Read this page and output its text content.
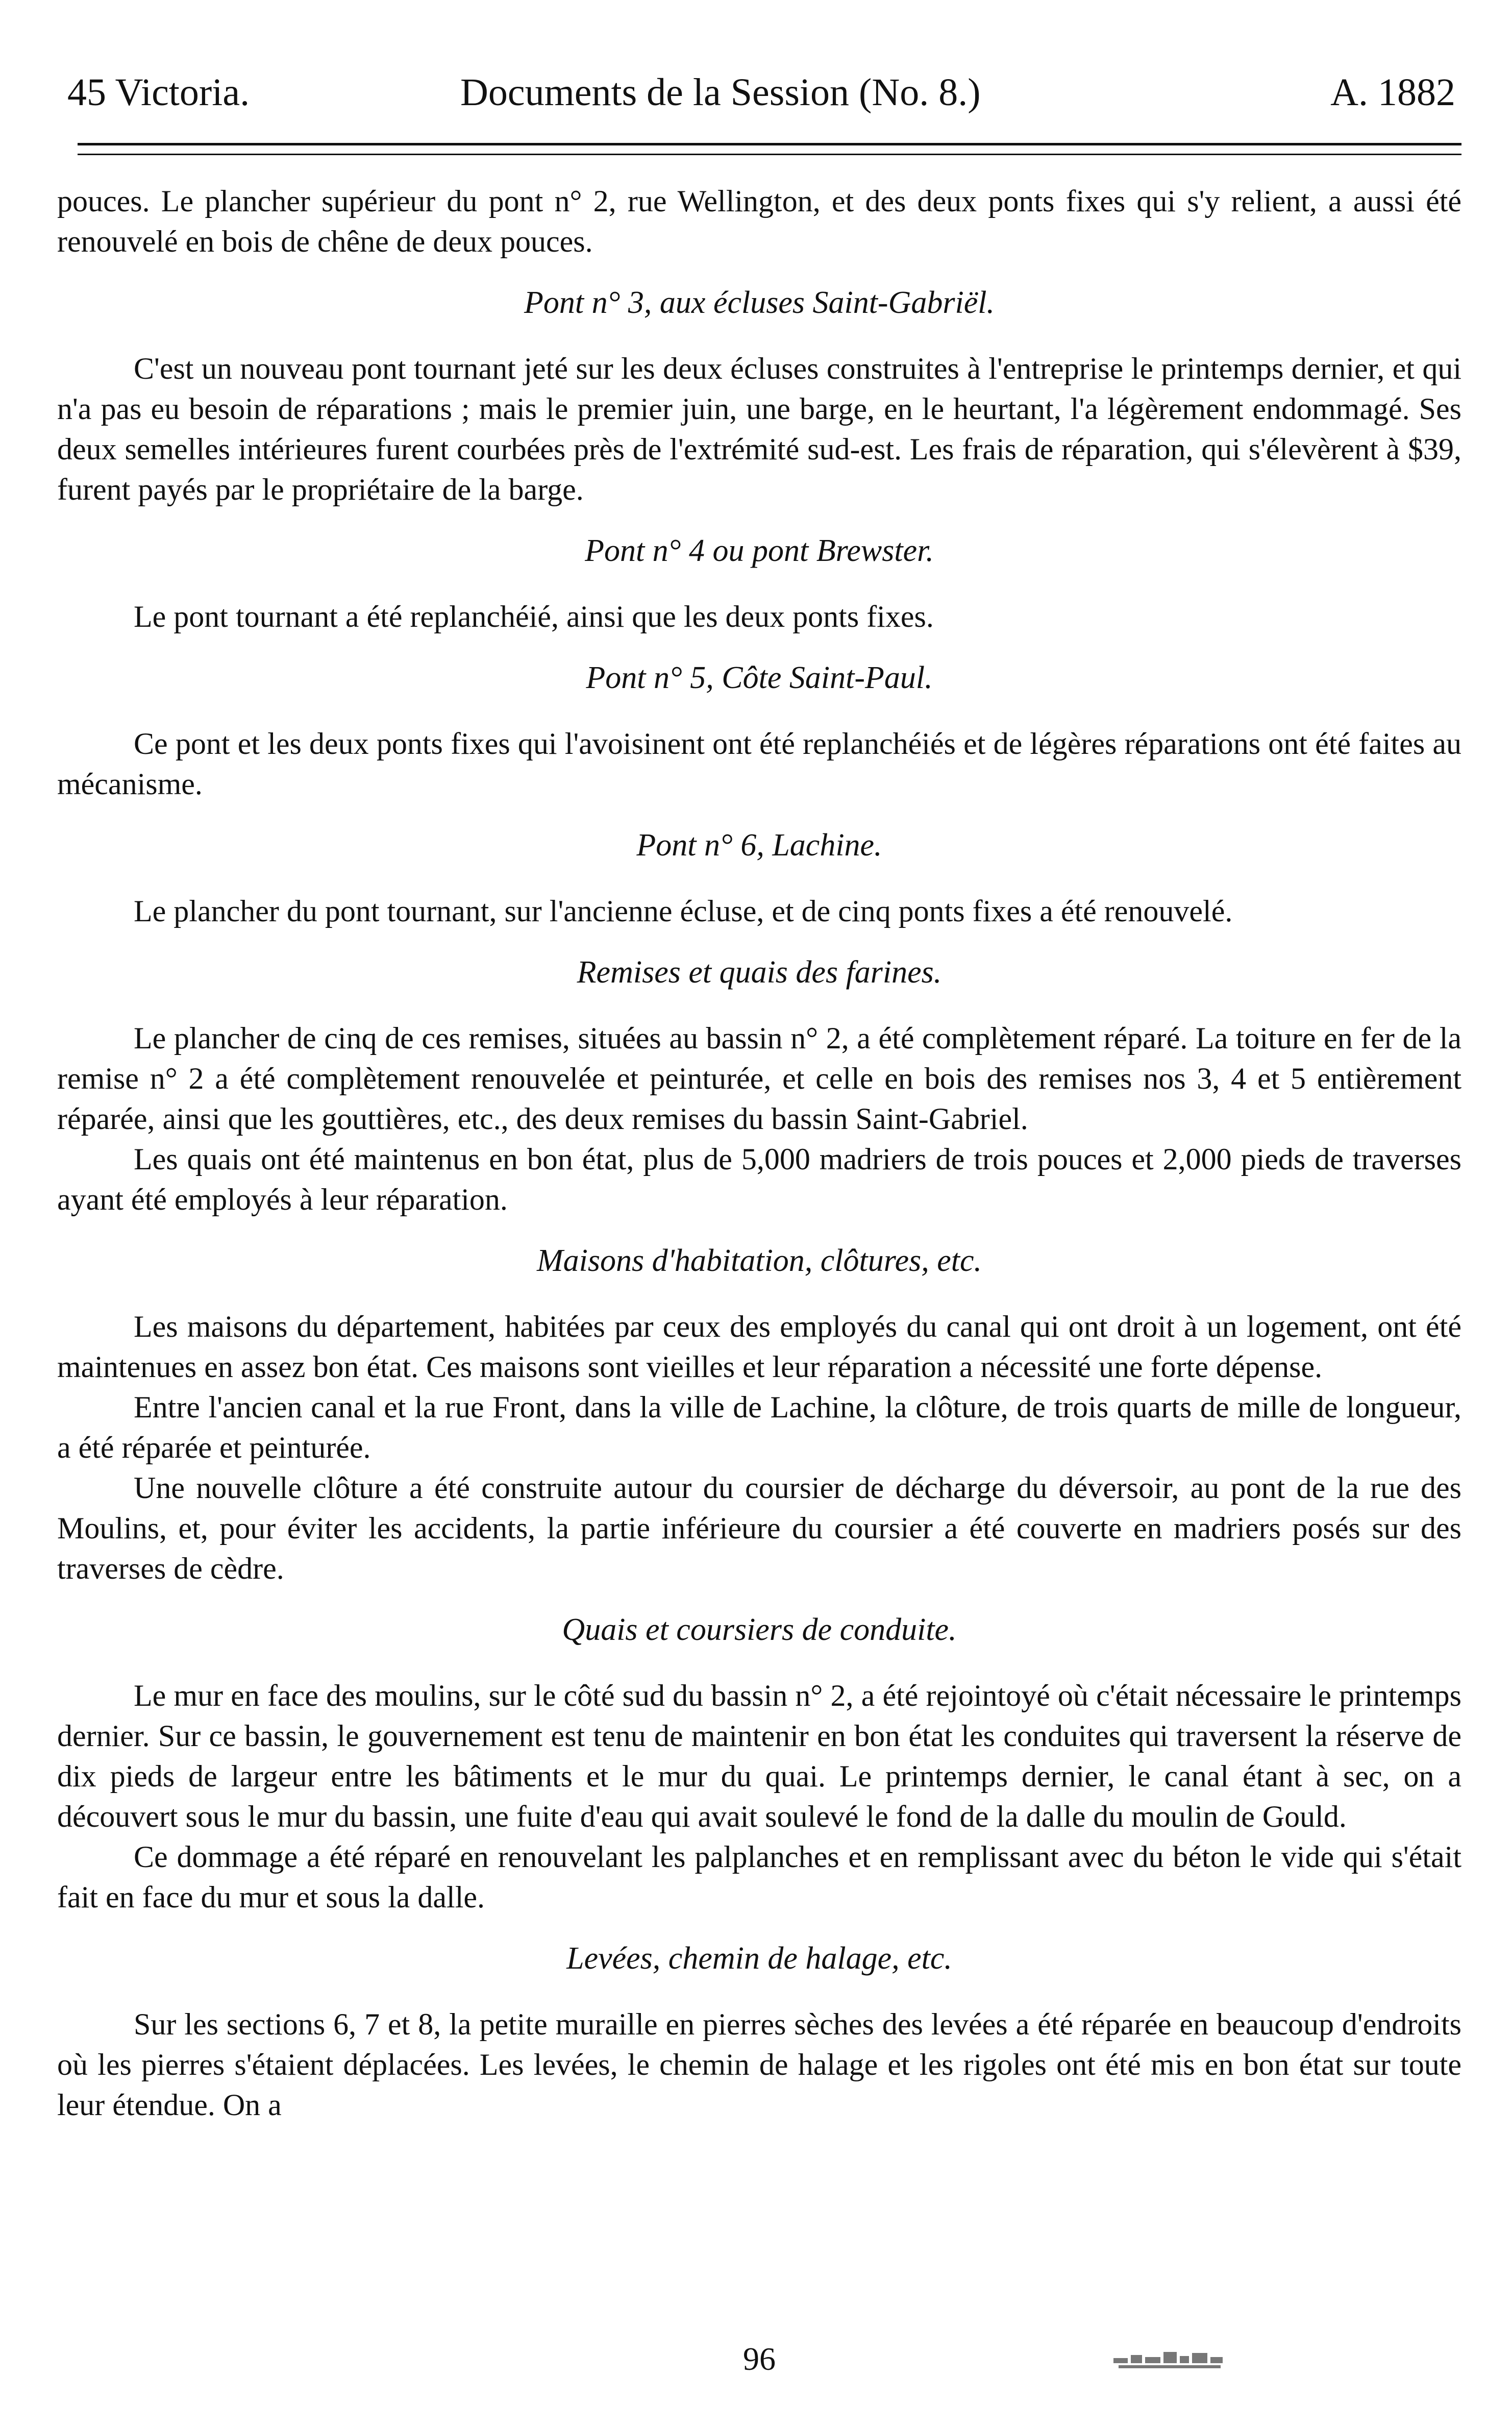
45 Victoria.	Documents de la Session (No. 8.)	A. 1882

pouces. Le plancher supérieur du pont n° 2, rue Wellington, et des deux ponts fixes qui s'y relient, a aussi été renouvelé en bois de chêne de deux pouces.

Pont n° 3, aux écluses Saint-Gabriël.

C'est un nouveau pont tournant jeté sur les deux écluses construites à l'entreprise le printemps dernier, et qui n'a pas eu besoin de réparations ; mais le premier juin, une barge, en le heurtant, l'a légèrement endommagé. Ses deux semelles intérieures furent courbées près de l'extrémité sud-est. Les frais de réparation, qui s'élevèrent à $39, furent payés par le propriétaire de la barge.

Pont n° 4 ou pont Brewster.

Le pont tournant a été replanchéié, ainsi que les deux ponts fixes.

Pont n° 5, Côte Saint-Paul.

Ce pont et les deux ponts fixes qui l'avoisinent ont été replanchéiés et de légères réparations ont été faites au mécanisme.

Pont n° 6, Lachine.

Le plancher du pont tournant, sur l'ancienne écluse, et de cinq ponts fixes a été renouvelé.

Remises et quais des farines.

Le plancher de cinq de ces remises, situées au bassin n° 2, a été complètement réparé. La toiture en fer de la remise n° 2 a été complètement renouvelée et peinturée, et celle en bois des remises nos 3, 4 et 5 entièrement réparée, ainsi que les gouttières, etc., des deux remises du bassin Saint-Gabriel.

Les quais ont été maintenus en bon état, plus de 5,000 madriers de trois pouces et 2,000 pieds de traverses ayant été employés à leur réparation.

Maisons d'habitation, clôtures, etc.

Les maisons du département, habitées par ceux des employés du canal qui ont droit à un logement, ont été maintenues en assez bon état. Ces maisons sont vieilles et leur réparation a nécessité une forte dépense.

Entre l'ancien canal et la rue Front, dans la ville de Lachine, la clôture, de trois quarts de mille de longueur, a été réparée et peinturée.

Une nouvelle clôture a été construite autour du coursier de décharge du déversoir, au pont de la rue des Moulins, et, pour éviter les accidents, la partie inférieure du coursier a été couverte en madriers posés sur des traverses de cèdre.

Quais et coursiers de conduite.

Le mur en face des moulins, sur le côté sud du bassin n° 2, a été rejointoyé où c'était nécessaire le printemps dernier. Sur ce bassin, le gouvernement est tenu de maintenir en bon état les conduites qui traversent la réserve de dix pieds de largeur entre les bâtiments et le mur du quai. Le printemps dernier, le canal étant à sec, on a découvert sous le mur du bassin, une fuite d'eau qui avait soulevé le fond de la dalle du moulin de Gould.

Ce dommage a été réparé en renouvelant les palplanches et en remplissant avec du béton le vide qui s'était fait en face du mur et sous la dalle.

Levées, chemin de halage, etc.

Sur les sections 6, 7 et 8, la petite muraille en pierres sèches des levées a été réparée en beaucoup d'endroits où les pierres s'étaient déplacées. Les levées, le chemin de halage et les rigoles ont été mis en bon état sur toute leur étendue. On a

96
